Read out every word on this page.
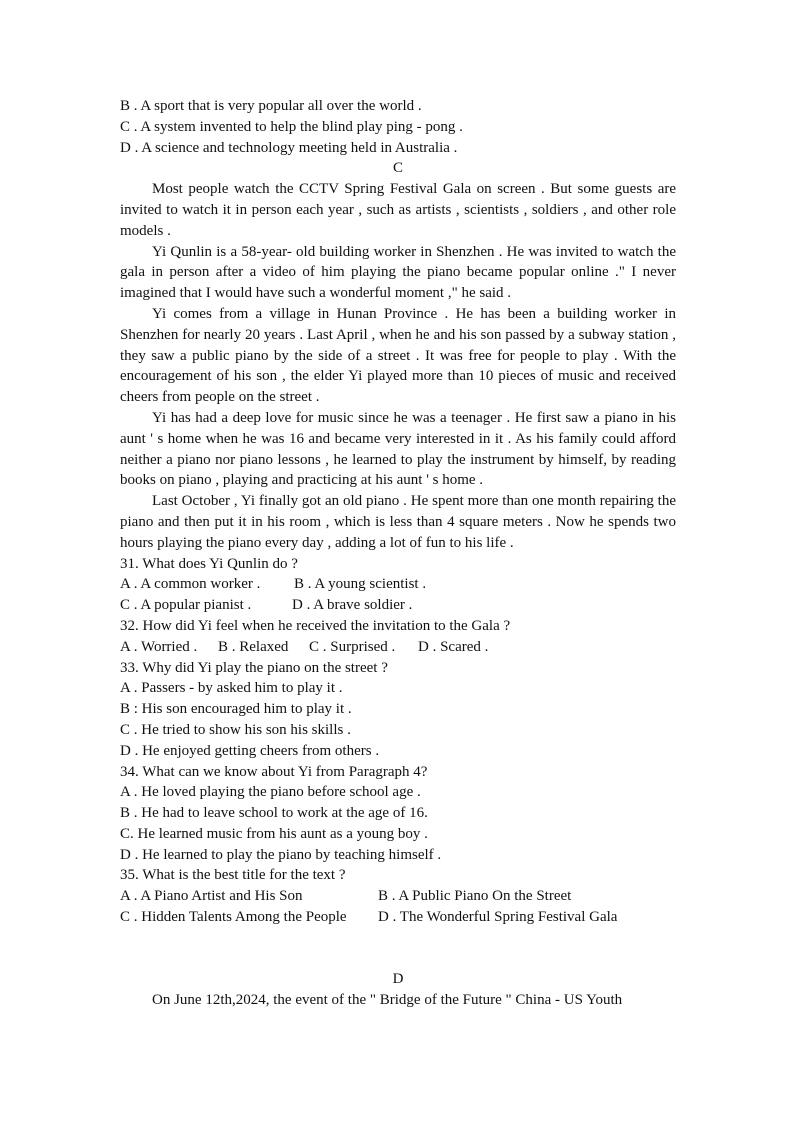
B . A sport that is very popular all over the world .

C . A system invented to help the blind play ping - pong .

D . A science and technology meeting held in Australia .

C

Most people watch the CCTV Spring Festival Gala on screen . But some guests are invited to watch it in person each year , such as artists , scientists , soldiers , and other role models .

Yi Qunlin is a 58-year- old building worker in Shenzhen . He was invited to watch the gala in person after a video of him playing the piano became popular online ." I never imagined that I would have such a wonderful moment ," he said .

Yi comes from a village in Hunan Province . He has been a building worker in Shenzhen for nearly 20 years . Last April , when he and his son passed by a subway station , they saw a public piano by the side of a street . It was free for people to play . With the encouragement of his son , the elder Yi played more than 10 pieces of music and received cheers from people on the street .

Yi has had a deep love for music since he was a teenager . He first saw a piano in his aunt ' s home when he was 16 and became very interested in it . As his family could afford neither a piano nor piano lessons , he learned to play the instrument by himself, by reading books on piano , playing and practicing at his aunt ' s home .

Last October , Yi finally got an old piano . He spent more than one month repairing the piano and then put it in his room , which is less than 4 square meters . Now he spends two hours playing the piano every day , adding a lot of fun to his life .

31. What does Yi Qunlin do ?

A . A common worker .	B . A young scientist .
C . A popular pianist .	D . A brave soldier .

32. How did Yi feel when he received the invitation to the Gala ?

A . Worried .	B . Relaxed	C . Surprised .	D . Scared .

33. Why did Yi play the piano on the street ?

A . Passers - by asked him to play it .

B : His son encouraged him to play it .

C . He tried to show his son his skills .

D . He enjoyed getting cheers from others .

34. What can we know about Yi from Paragraph 4?

A . He loved playing the piano before school age .

B . He had to leave school to work at the age of 16.

C. He learned music from his aunt as a young boy .

D . He learned to play the piano by teaching himself .

35. What is the best title for the text ?

A . A Piano Artist and His Son	B . A Public Piano On the Street
C . Hidden Talents Among the People	D . The Wonderful Spring Festival Gala

D

On June 12th,2024, the event of the " Bridge of the Future " China - US Youth
